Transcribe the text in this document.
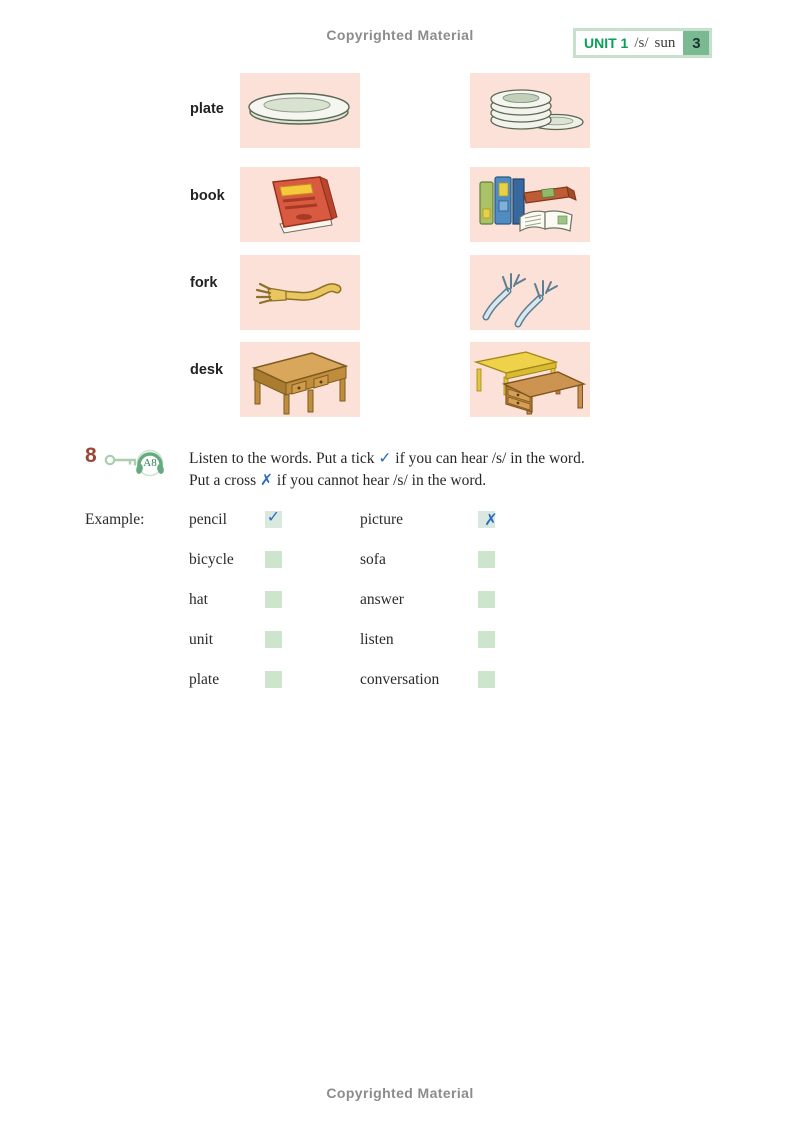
Copyrighted Material	UNIT 1 /s/ sun	3
plate
book
fork
desk
8	A8 Listen to the words. Put a tick ✓ if you can hear /s/ in the word.
Put a cross ✗ if you cannot hear /s/ in the word.
Example:	pencil ✓	picture	✗
bicycle	sofa
hat	answer
unit	listen
plate	conversation
Copyrighted Material
